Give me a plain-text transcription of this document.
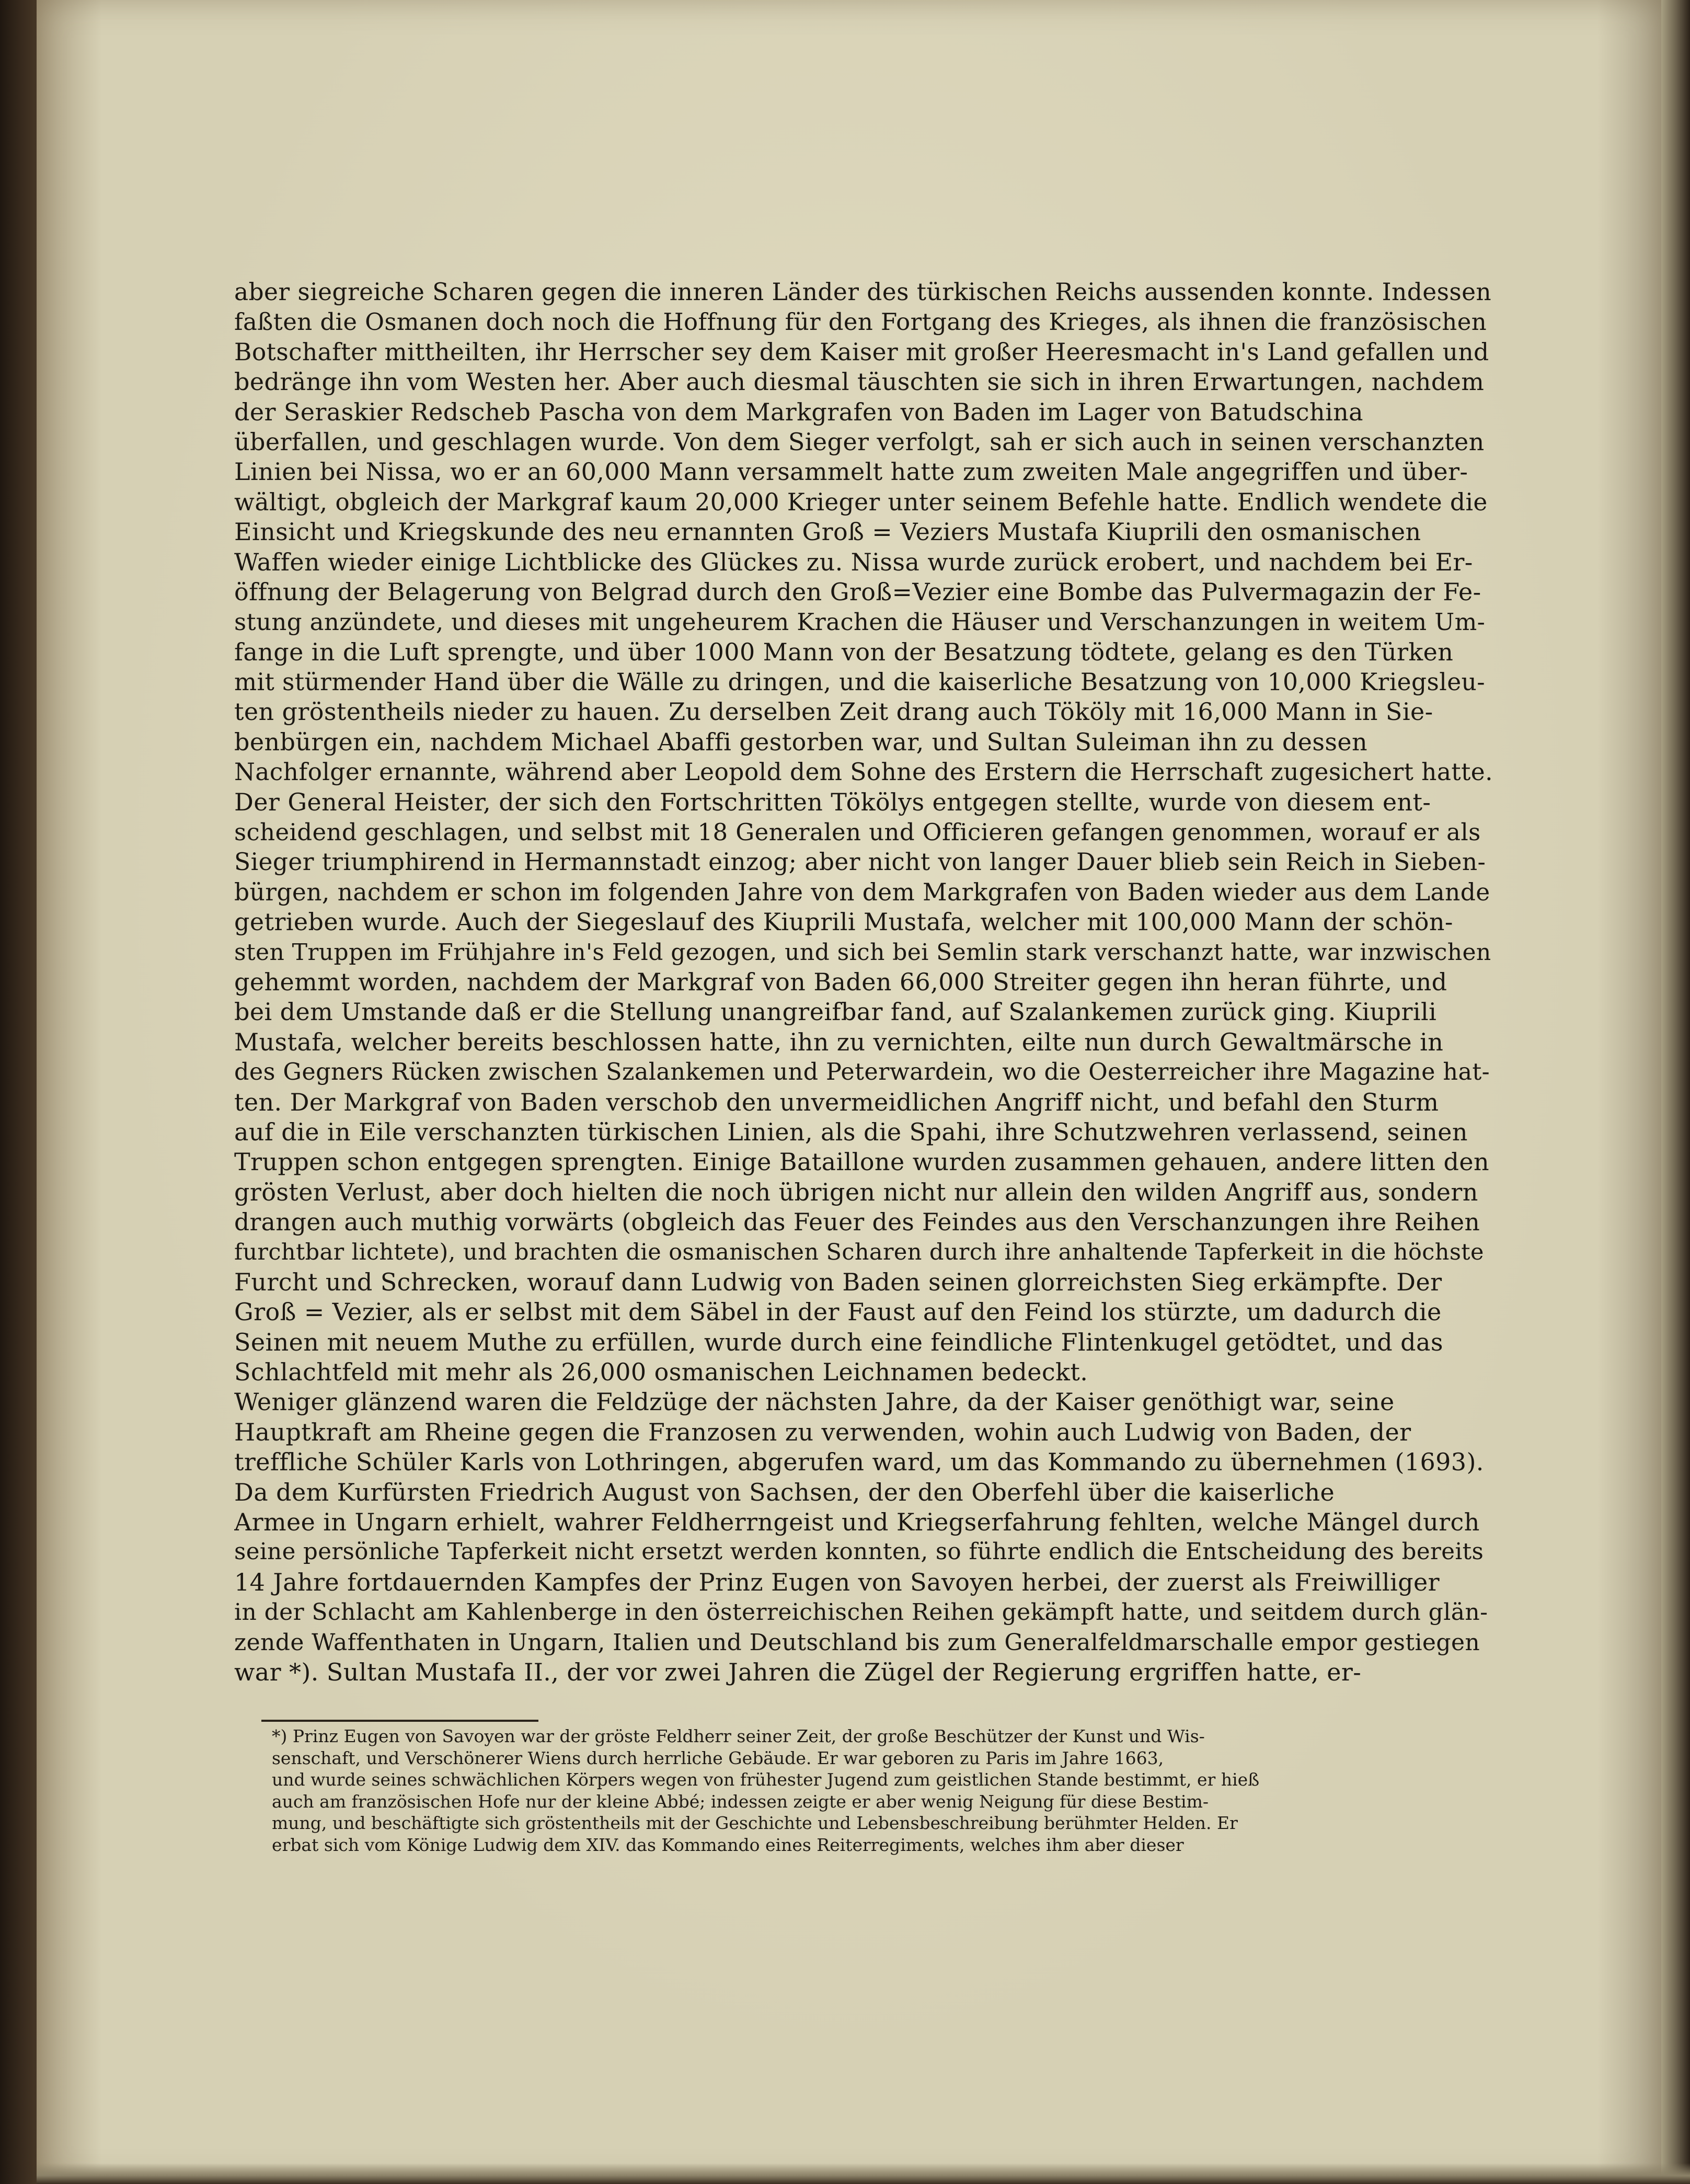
aber siegreiche Scharen gegen die inneren Länder des türkischen Reichs aussenden konnte. Indessen
faßten die Osmanen doch noch die Hoffnung für den Fortgang des Krieges, als ihnen die französischen
Botschafter mittheilten, ihr Herrscher sey dem Kaiser mit großer Heeresmacht in's Land gefallen und
bedränge ihn vom Westen her. Aber auch diesmal täuschten sie sich in ihren Erwartungen, nachdem
der Seraskier Redscheb Pascha von dem Markgrafen von Baden im Lager von Batudschina
überfallen, und geschlagen wurde. Von dem Sieger verfolgt, sah er sich auch in seinen verschanzten
Linien bei Nissa, wo er an 60,000 Mann versammelt hatte zum zweiten Male angegriffen und über-
wältigt, obgleich der Markgraf kaum 20,000 Krieger unter seinem Befehle hatte. Endlich wendete die
Einsicht und Kriegskunde des neu ernannten Groß = Veziers Mustafa Kiuprili den osmanischen
Waffen wieder einige Lichtblicke des Glückes zu. Nissa wurde zurück erobert, und nachdem bei Er-
öffnung der Belagerung von Belgrad durch den Groß=Vezier eine Bombe das Pulvermagazin der Fe-
stung anzündete, und dieses mit ungeheurem Krachen die Häuser und Verschanzungen in weitem Um-
fange in die Luft sprengte, und über 1000 Mann von der Besatzung tödtete, gelang es den Türken
mit stürmender Hand über die Wälle zu dringen, und die kaiserliche Besatzung von 10,000 Kriegsleu-
ten gröstentheils nieder zu hauen. Zu derselben Zeit drang auch Tököly mit 16,000 Mann in Sie-
benbürgen ein, nachdem Michael Abaffi gestorben war, und Sultan Suleiman ihn zu dessen
Nachfolger ernannte, während aber Leopold dem Sohne des Erstern die Herrschaft zugesichert hatte.
Der General Heister, der sich den Fortschritten Tökölys entgegen stellte, wurde von diesem ent-
scheidend geschlagen, und selbst mit 18 Generalen und Officieren gefangen genommen, worauf er als
Sieger triumphirend in Hermannstadt einzog; aber nicht von langer Dauer blieb sein Reich in Sieben-
bürgen, nachdem er schon im folgenden Jahre von dem Markgrafen von Baden wieder aus dem Lande
getrieben wurde. Auch der Siegeslauf des Kiuprili Mustafa, welcher mit 100,000 Mann der schön-
sten Truppen im Frühjahre in's Feld gezogen, und sich bei Semlin stark verschanzt hatte, war inzwischen
gehemmt worden, nachdem der Markgraf von Baden 66,000 Streiter gegen ihn heran führte, und
bei dem Umstande daß er die Stellung unangreifbar fand, auf Szalankemen zurück ging. Kiuprili
Mustafa, welcher bereits beschlossen hatte, ihn zu vernichten, eilte nun durch Gewaltmärsche in
des Gegners Rücken zwischen Szalankemen und Peterwardein, wo die Oesterreicher ihre Magazine hat-
ten. Der Markgraf von Baden verschob den unvermeidlichen Angriff nicht, und befahl den Sturm
auf die in Eile verschanzten türkischen Linien, als die Spahi, ihre Schutzwehren verlassend, seinen
Truppen schon entgegen sprengten. Einige Bataillone wurden zusammen gehauen, andere litten den
grösten Verlust, aber doch hielten die noch übrigen nicht nur allein den wilden Angriff aus, sondern
drangen auch muthig vorwärts (obgleich das Feuer des Feindes aus den Verschanzungen ihre Reihen
furchtbar lichtete), und brachten die osmanischen Scharen durch ihre anhaltende Tapferkeit in die höchste
Furcht und Schrecken, worauf dann Ludwig von Baden seinen glorreichsten Sieg erkämpfte. Der
Groß = Vezier, als er selbst mit dem Säbel in der Faust auf den Feind los stürzte, um dadurch die
Seinen mit neuem Muthe zu erfüllen, wurde durch eine feindliche Flintenkugel getödtet, und das
Schlachtfeld mit mehr als 26,000 osmanischen Leichnamen bedeckt.
Weniger glänzend waren die Feldzüge der nächsten Jahre, da der Kaiser genöthigt war, seine
Hauptkraft am Rheine gegen die Franzosen zu verwenden, wohin auch Ludwig von Baden, der
treffliche Schüler Karls von Lothringen, abgerufen ward, um das Kommando zu übernehmen (1693).
Da dem Kurfürsten Friedrich August von Sachsen, der den Oberfehl über die kaiserliche
Armee in Ungarn erhielt, wahrer Feldherrngeist und Kriegserfahrung fehlten, welche Mängel durch
seine persönliche Tapferkeit nicht ersetzt werden konnten, so führte endlich die Entscheidung des bereits
14 Jahre fortdauernden Kampfes der Prinz Eugen von Savoyen herbei, der zuerst als Freiwilliger
in der Schlacht am Kahlenberge in den österreichischen Reihen gekämpft hatte, und seitdem durch glän-
zende Waffenthaten in Ungarn, Italien und Deutschland bis zum Generalfeldmarschalle empor gestiegen
war *). Sultan Mustafa II., der vor zwei Jahren die Zügel der Regierung ergriffen hatte, er-
*) Prinz Eugen von Savoyen war der gröste Feldherr seiner Zeit, der große Beschützer der Kunst und Wis-
senschaft, und Verschönerer Wiens durch herrliche Gebäude. Er war geboren zu Paris im Jahre 1663,
und wurde seines schwächlichen Körpers wegen von frühester Jugend zum geistlichen Stande bestimmt, er hieß
auch am französischen Hofe nur der kleine Abbé; indessen zeigte er aber wenig Neigung für diese Bestim-
mung, und beschäftigte sich gröstentheils mit der Geschichte und Lebensbeschreibung berühmter Helden. Er
erbat sich vom Könige Ludwig dem XIV. das Kommando eines Reiterregiments, welches ihm aber dieser
